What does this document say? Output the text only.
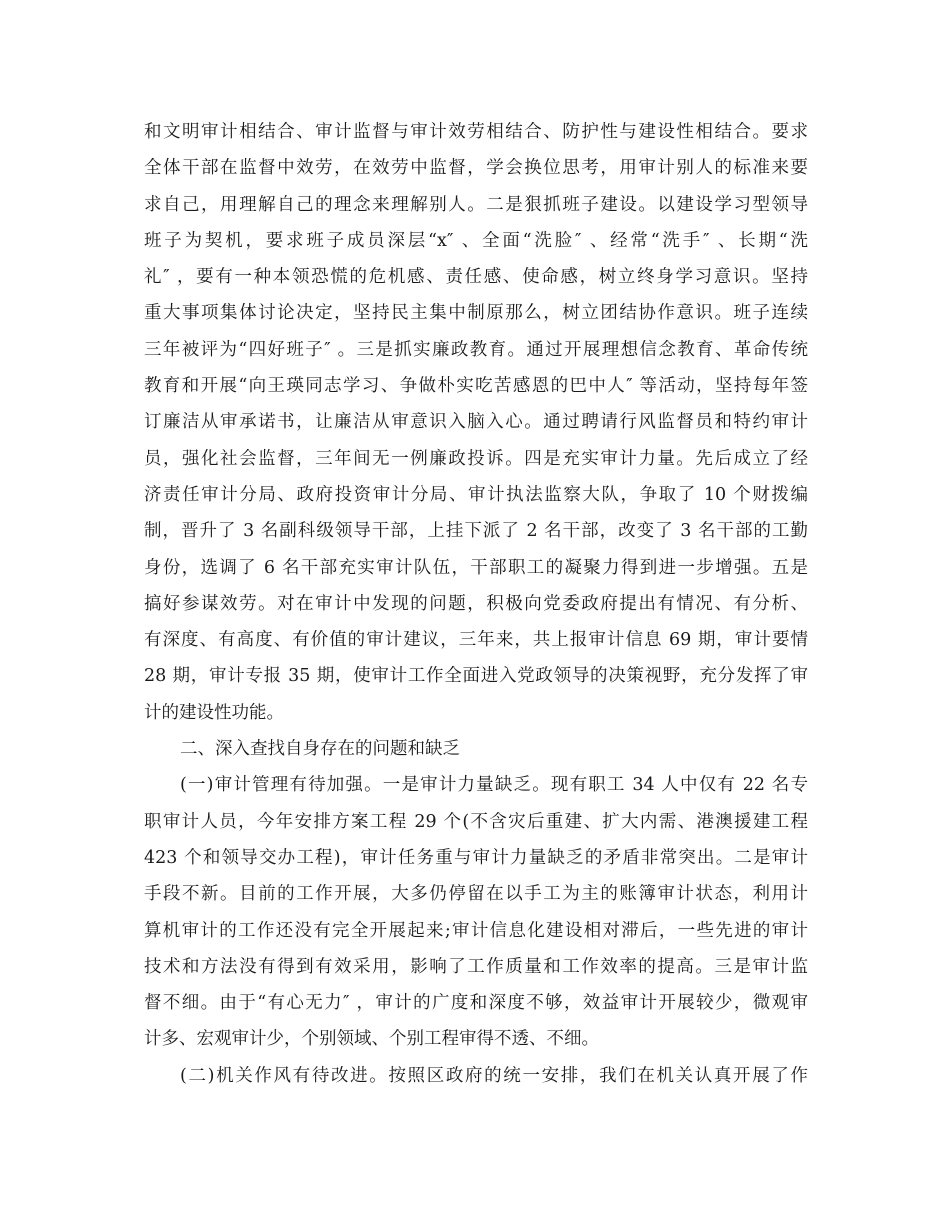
和文明审计相结合、审计监督与审计效劳相结合、防护性与建设性相结合。要求
全体干部在监督中效劳，在效劳中监督，学会换位思考，用审计别人的标准来要
求自己，用理解自己的理念来理解别人。二是狠抓班子建设。以建设学习型领导
班子为契机，要求班子成员深层“x″ 、全面“洗脸″ 、经常“洗手″ 、长期“洗
礼″ ，要有一种本领恐慌的危机感、责任感、使命感，树立终身学习意识。坚持
重大事项集体讨论决定，坚持民主集中制原那么，树立团结协作意识。班子连续
三年被评为“四好班子″ 。三是抓实廉政教育。通过开展理想信念教育、革命传统
教育和开展“向王瑛同志学习、争做朴实吃苦感恩的巴中人″ 等活动，坚持每年签
订廉洁从审承诺书，让廉洁从审意识入脑入心。通过聘请行风监督员和特约审计
员，强化社会监督，三年间无一例廉政投诉。四是充实审计力量。先后成立了经
济责任审计分局、政府投资审计分局、审计执法监察大队，争取了 10 个财拨编
制，晋升了 3 名副科级领导干部，上挂下派了 2 名干部，改变了 3 名干部的工勤
身份，选调了 6 名干部充实审计队伍，干部职工的凝聚力得到进一步增强。五是
搞好参谋效劳。对在审计中发现的问题，积极向党委政府提出有情况、有分析、
有深度、有高度、有价值的审计建议，三年来，共上报审计信息 69 期，审计要情
28 期，审计专报 35 期，使审计工作全面进入党政领导的决策视野，充分发挥了审
计的建设性功能。
二、深入查找自身存在的问题和缺乏
(一)审计管理有待加强。一是审计力量缺乏。现有职工 34 人中仅有 22 名专
职审计人员，今年安排方案工程 29 个(不含灾后重建、扩大内需、港澳援建工程
423 个和领导交办工程)，审计任务重与审计力量缺乏的矛盾非常突出。二是审计
手段不新。目前的工作开展，大多仍停留在以手工为主的账簿审计状态，利用计
算机审计的工作还没有完全开展起来;审计信息化建设相对滞后，一些先进的审计
技术和方法没有得到有效采用，影响了工作质量和工作效率的提高。三是审计监
督不细。由于“有心无力″ ，审计的广度和深度不够，效益审计开展较少，微观审
计多、宏观审计少，个别领域、个别工程审得不透、不细。
(二)机关作风有待改进。按照区政府的统一安排，我们在机关认真开展了作
